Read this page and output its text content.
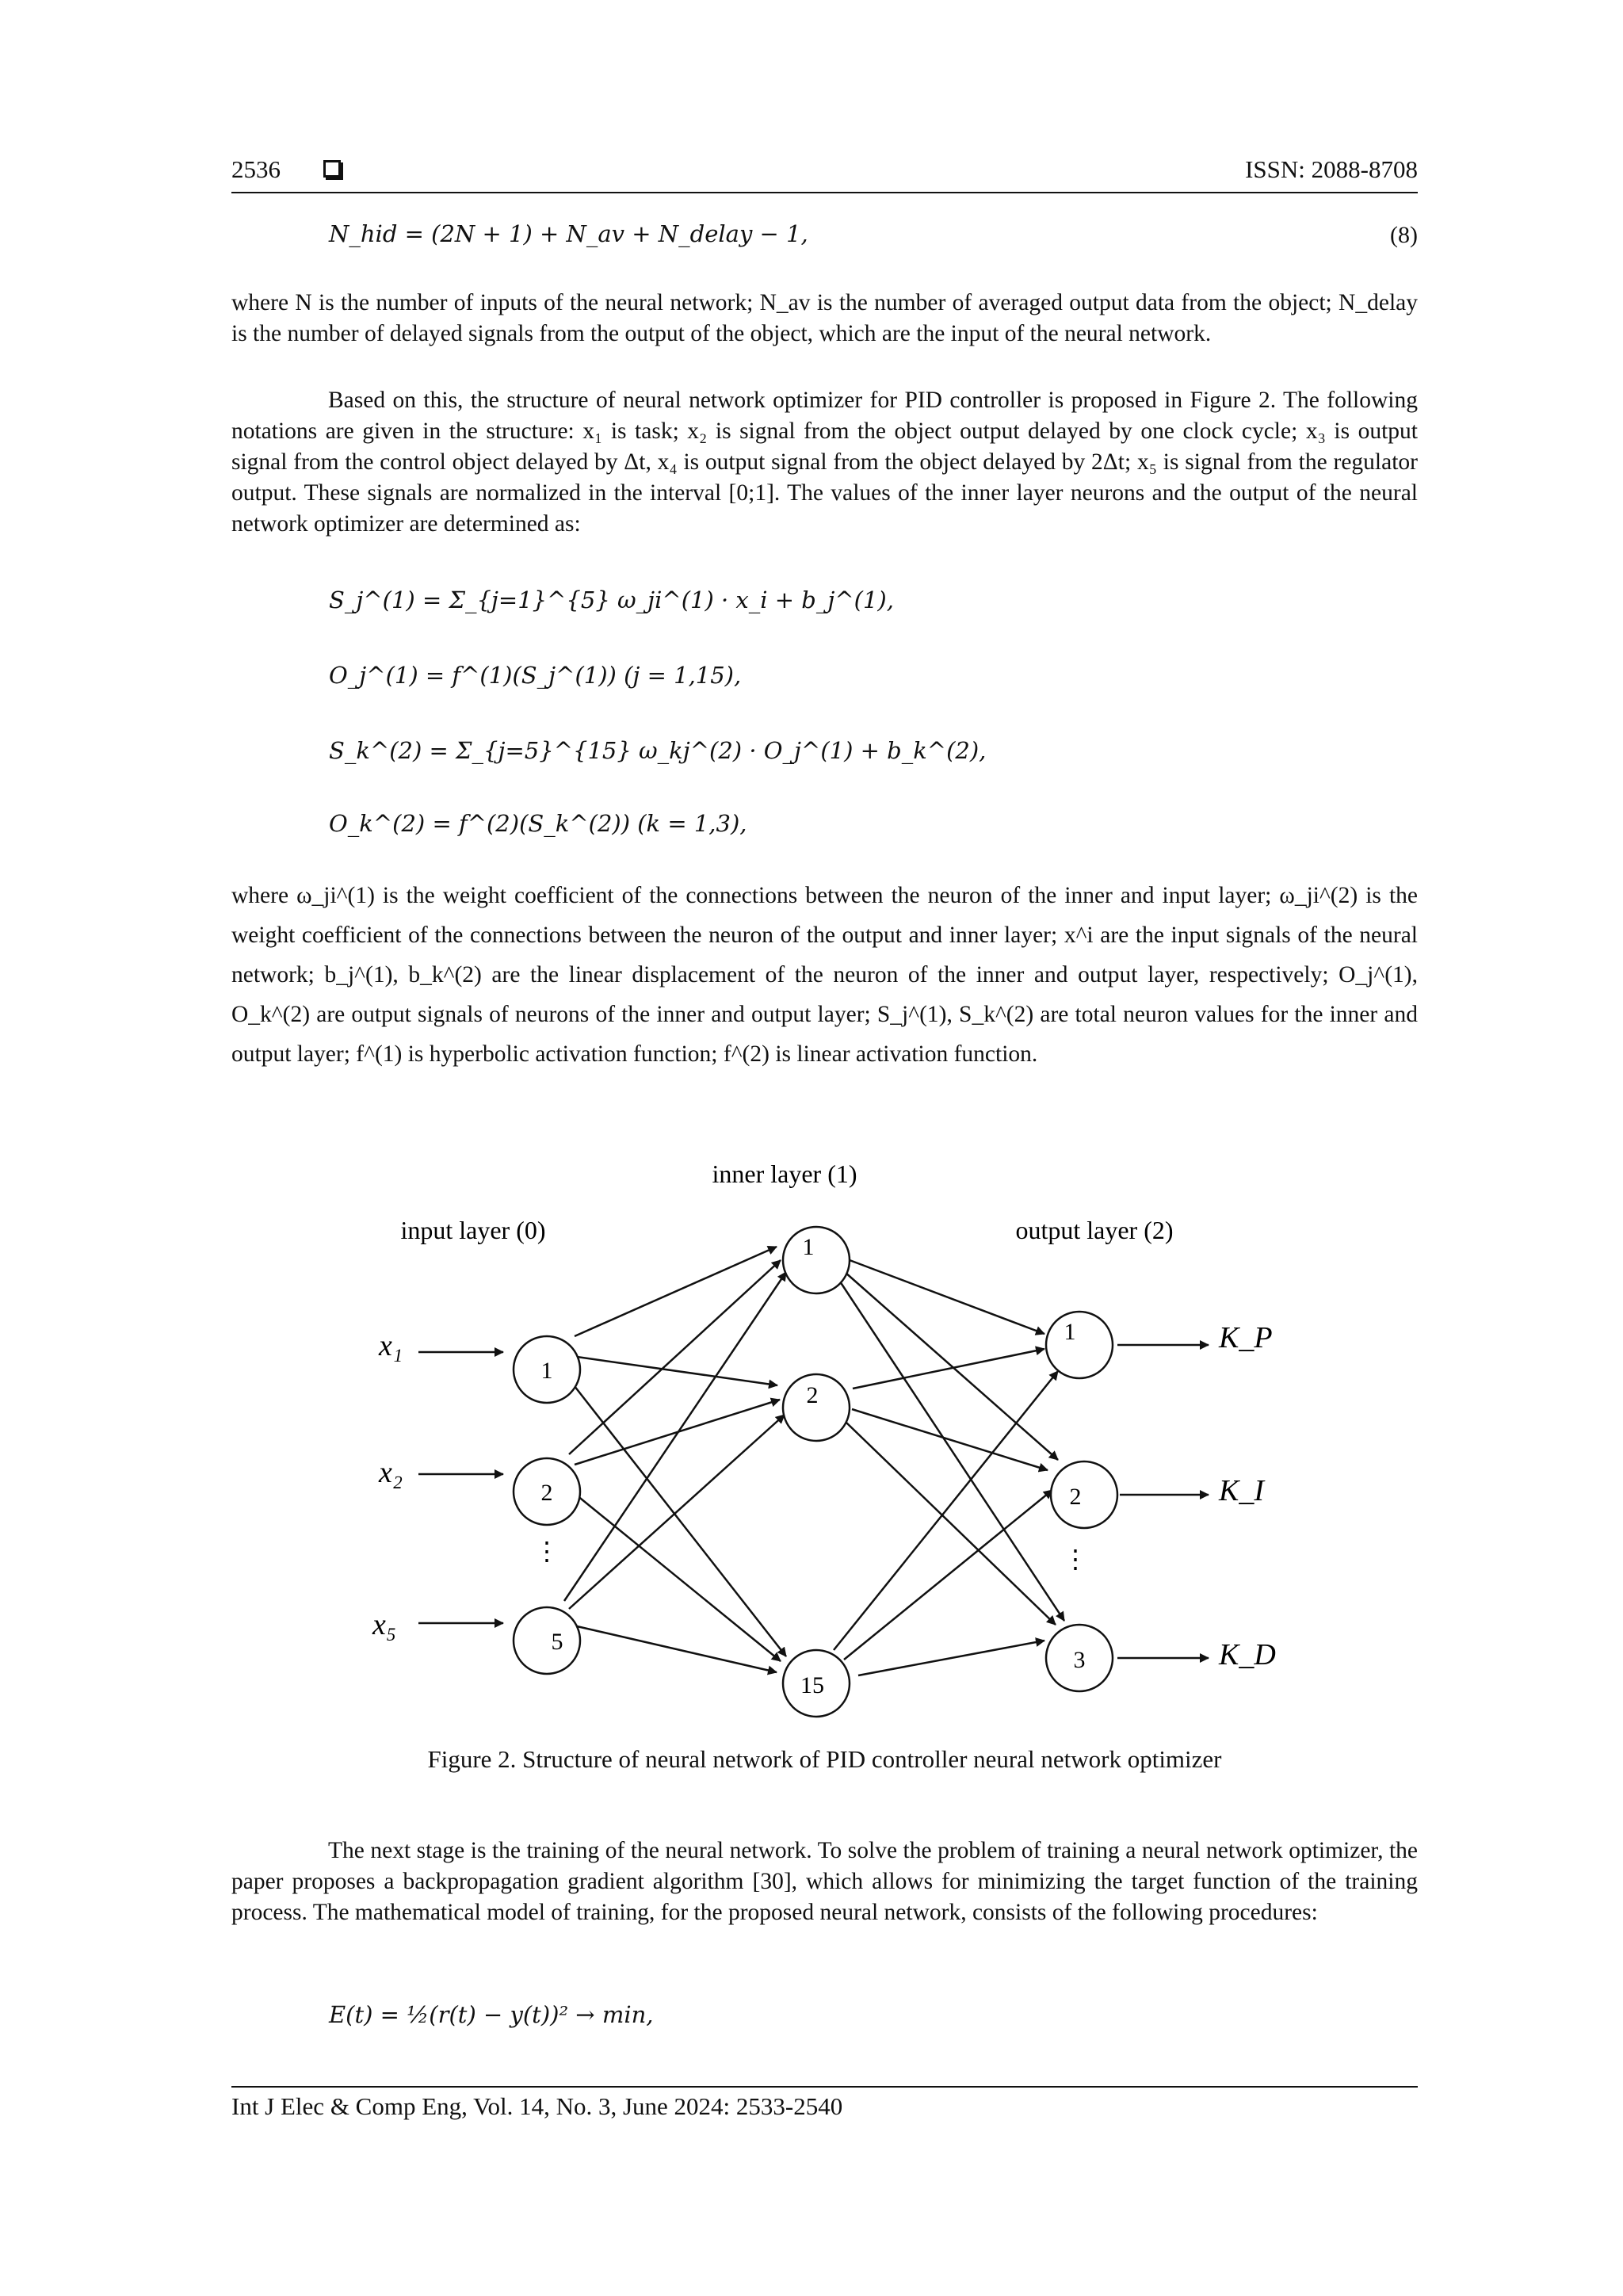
2536	ISSN: 2088-8708
N_hid = (2N + 1) + N_av + N_delay − 1,	(8)
where N is the number of inputs of the neural network; N_av is the number of averaged output data from the object; N_delay is the number of delayed signals from the output of the object, which are the input of the neural network.
Based on this, the structure of neural network optimizer for PID controller is proposed in Figure 2. The following notations are given in the structure: x₁ is task; x₂ is signal from the object output delayed by one clock cycle; x₃ is output signal from the control object delayed by Δt, x₄ is output signal from the object delayed by 2Δt; x₅ is signal from the regulator output. These signals are normalized in the interval [0;1]. The values of the inner layer neurons and the output of the neural network optimizer are determined as:
S_j^(1) = Σ_{j=1}^{5} ω_ji^(1) · x_i + b_j^(1),
O_j^(1) = f^(1)(S_j^(1)) (j = 1,15),
S_k^(2) = Σ_{j=5}^{15} ω_kj^(2) · O_j^(1) + b_k^(2),
O_k^(2) = f^(2)(S_k^(2)) (k = 1,3),
where ω_ji^(1) is the weight coefficient of the connections between the neuron of the inner and input layer; ω_ji^(2) is the weight coefficient of the connections between the neuron of the output and inner layer; x^i are the input signals of the neural network; b_j^(1), b_k^(2) are the linear displacement of the neuron of the inner and output layer, respectively; O_j^(1), O_k^(2) are output signals of neurons of the inner and output layer; S_j^(1), S_k^(2) are total neuron values for the inner and output layer; f^(1) is hyperbolic activation function; f^(2) is linear activation function.
inner layer (1)
input layer (0)	output layer (2)
1
2
5
1
2
15
1
2
3
x₁
x₂
x₅
K_P
K_I
K_D
⋮	⋮
Figure 2. Structure of neural network of PID controller neural network optimizer
The next stage is the training of the neural network. To solve the problem of training a neural network optimizer, the paper proposes a backpropagation gradient algorithm [30], which allows for minimizing the target function of the training process. The mathematical model of training, for the proposed neural network, consists of the following procedures:
E(t) = ½(r(t) − y(t))² → min,
Int J Elec & Comp Eng, Vol. 14, No. 3, June 2024: 2533-2540
